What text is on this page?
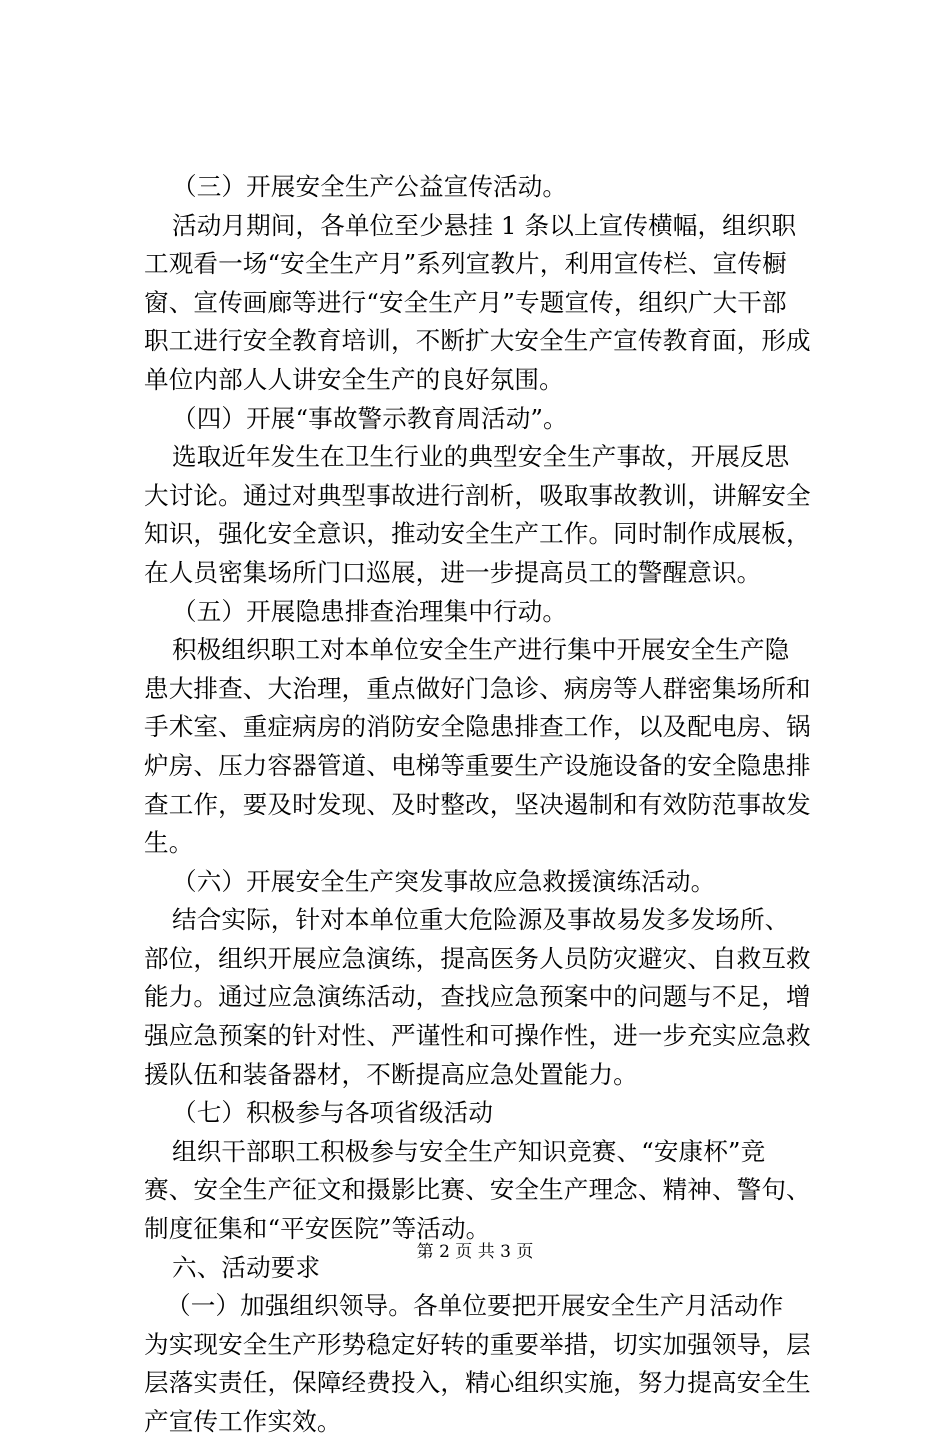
（三）开展安全生产公益宣传活动。
活动月期间，各单位至少悬挂 1 条以上宣传横幅，组织职
工观看一场“安全生产月”系列宣教片，利用宣传栏、宣传橱
窗、宣传画廊等进行“安全生产月”专题宣传，组织广大干部
职工进行安全教育培训，不断扩大安全生产宣传教育面，形成
单位内部人人讲安全生产的良好氛围。
（四）开展“事故警示教育周活动”。
选取近年发生在卫生行业的典型安全生产事故，开展反思
大讨论。通过对典型事故进行剖析，吸取事故教训，讲解安全
知识，强化安全意识，推动安全生产工作。同时制作成展板，
在人员密集场所门口巡展，进一步提高员工的警醒意识。
（五）开展隐患排查治理集中行动。
积极组织职工对本单位安全生产进行集中开展安全生产隐
患大排查、大治理，重点做好门急诊、病房等人群密集场所和
手术室、重症病房的消防安全隐患排查工作，以及配电房、锅
炉房、压力容器管道、电梯等重要生产设施设备的安全隐患排
查工作，要及时发现、及时整改，坚决遏制和有效防范事故发
生。
（六）开展安全生产突发事故应急救援演练活动。
结合实际，针对本单位重大危险源及事故易发多发场所、
部位，组织开展应急演练，提高医务人员防灾避灾、自救互救
能力。通过应急演练活动，查找应急预案中的问题与不足，增
强应急预案的针对性、严谨性和可操作性，进一步充实应急救
援队伍和装备器材，不断提高应急处置能力。
（七）积极参与各项省级活动
组织干部职工积极参与安全生产知识竞赛、“安康杯”竞
赛、安全生产征文和摄影比赛、安全生产理念、精神、警句、
制度征集和“平安医院”等活动。
六、活动要求
（一）加强组织领导。各单位要把开展安全生产月活动作
为实现安全生产形势稳定好转的重要举措，切实加强领导，层
层落实责任，保障经费投入，精心组织实施，努力提高安全生
产宣传工作实效。
第 2 页 共 3 页
